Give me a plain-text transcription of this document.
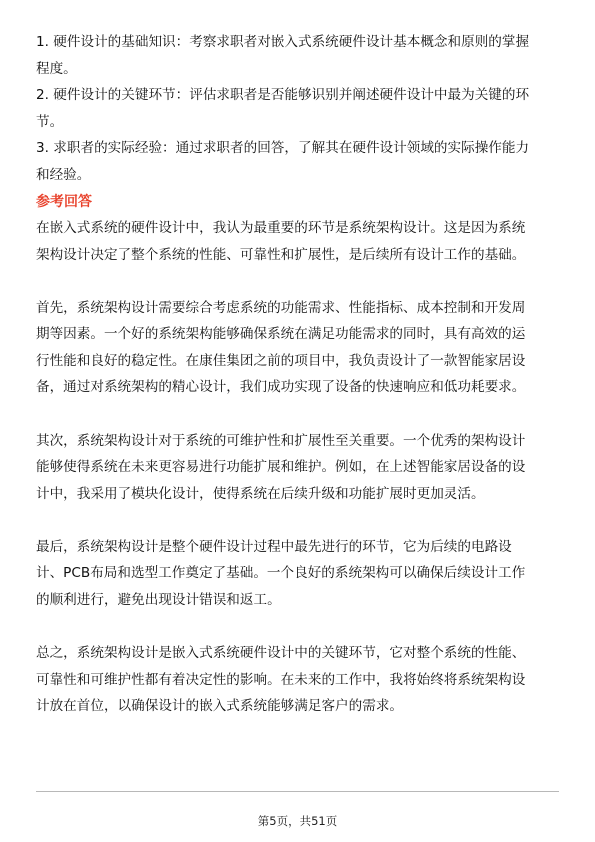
1. 硬件设计的基础知识：考察求职者对嵌入式系统硬件设计基本概念和原则的掌握
程度。
2. 硬件设计的关键环节：评估求职者是否能够识别并阐述硬件设计中最为关键的环
节。
3. 求职者的实际经验：通过求职者的回答，了解其在硬件设计领域的实际操作能力
和经验。
参考回答
在嵌入式系统的硬件设计中，我认为最重要的环节是系统架构设计。这是因为系统
架构设计决定了整个系统的性能、可靠性和扩展性，是后续所有设计工作的基础。
首先，系统架构设计需要综合考虑系统的功能需求、性能指标、成本控制和开发周
期等因素。一个好的系统架构能够确保系统在满足功能需求的同时，具有高效的运
行性能和良好的稳定性。在康佳集团之前的项目中，我负责设计了一款智能家居设
备，通过对系统架构的精心设计，我们成功实现了设备的快速响应和低功耗要求。
其次，系统架构设计对于系统的可维护性和扩展性至关重要。一个优秀的架构设计
能够使得系统在未来更容易进行功能扩展和维护。例如，在上述智能家居设备的设
计中，我采用了模块化设计，使得系统在后续升级和功能扩展时更加灵活。
最后，系统架构设计是整个硬件设计过程中最先进行的环节，它为后续的电路设
计、PCB布局和选型工作奠定了基础。一个良好的系统架构可以确保后续设计工作
的顺利进行，避免出现设计错误和返工。
总之，系统架构设计是嵌入式系统硬件设计中的关键环节，它对整个系统的性能、
可靠性和可维护性都有着决定性的影响。在未来的工作中，我将始终将系统架构设
计放在首位，以确保设计的嵌入式系统能够满足客户的需求。
第5页，共51页
